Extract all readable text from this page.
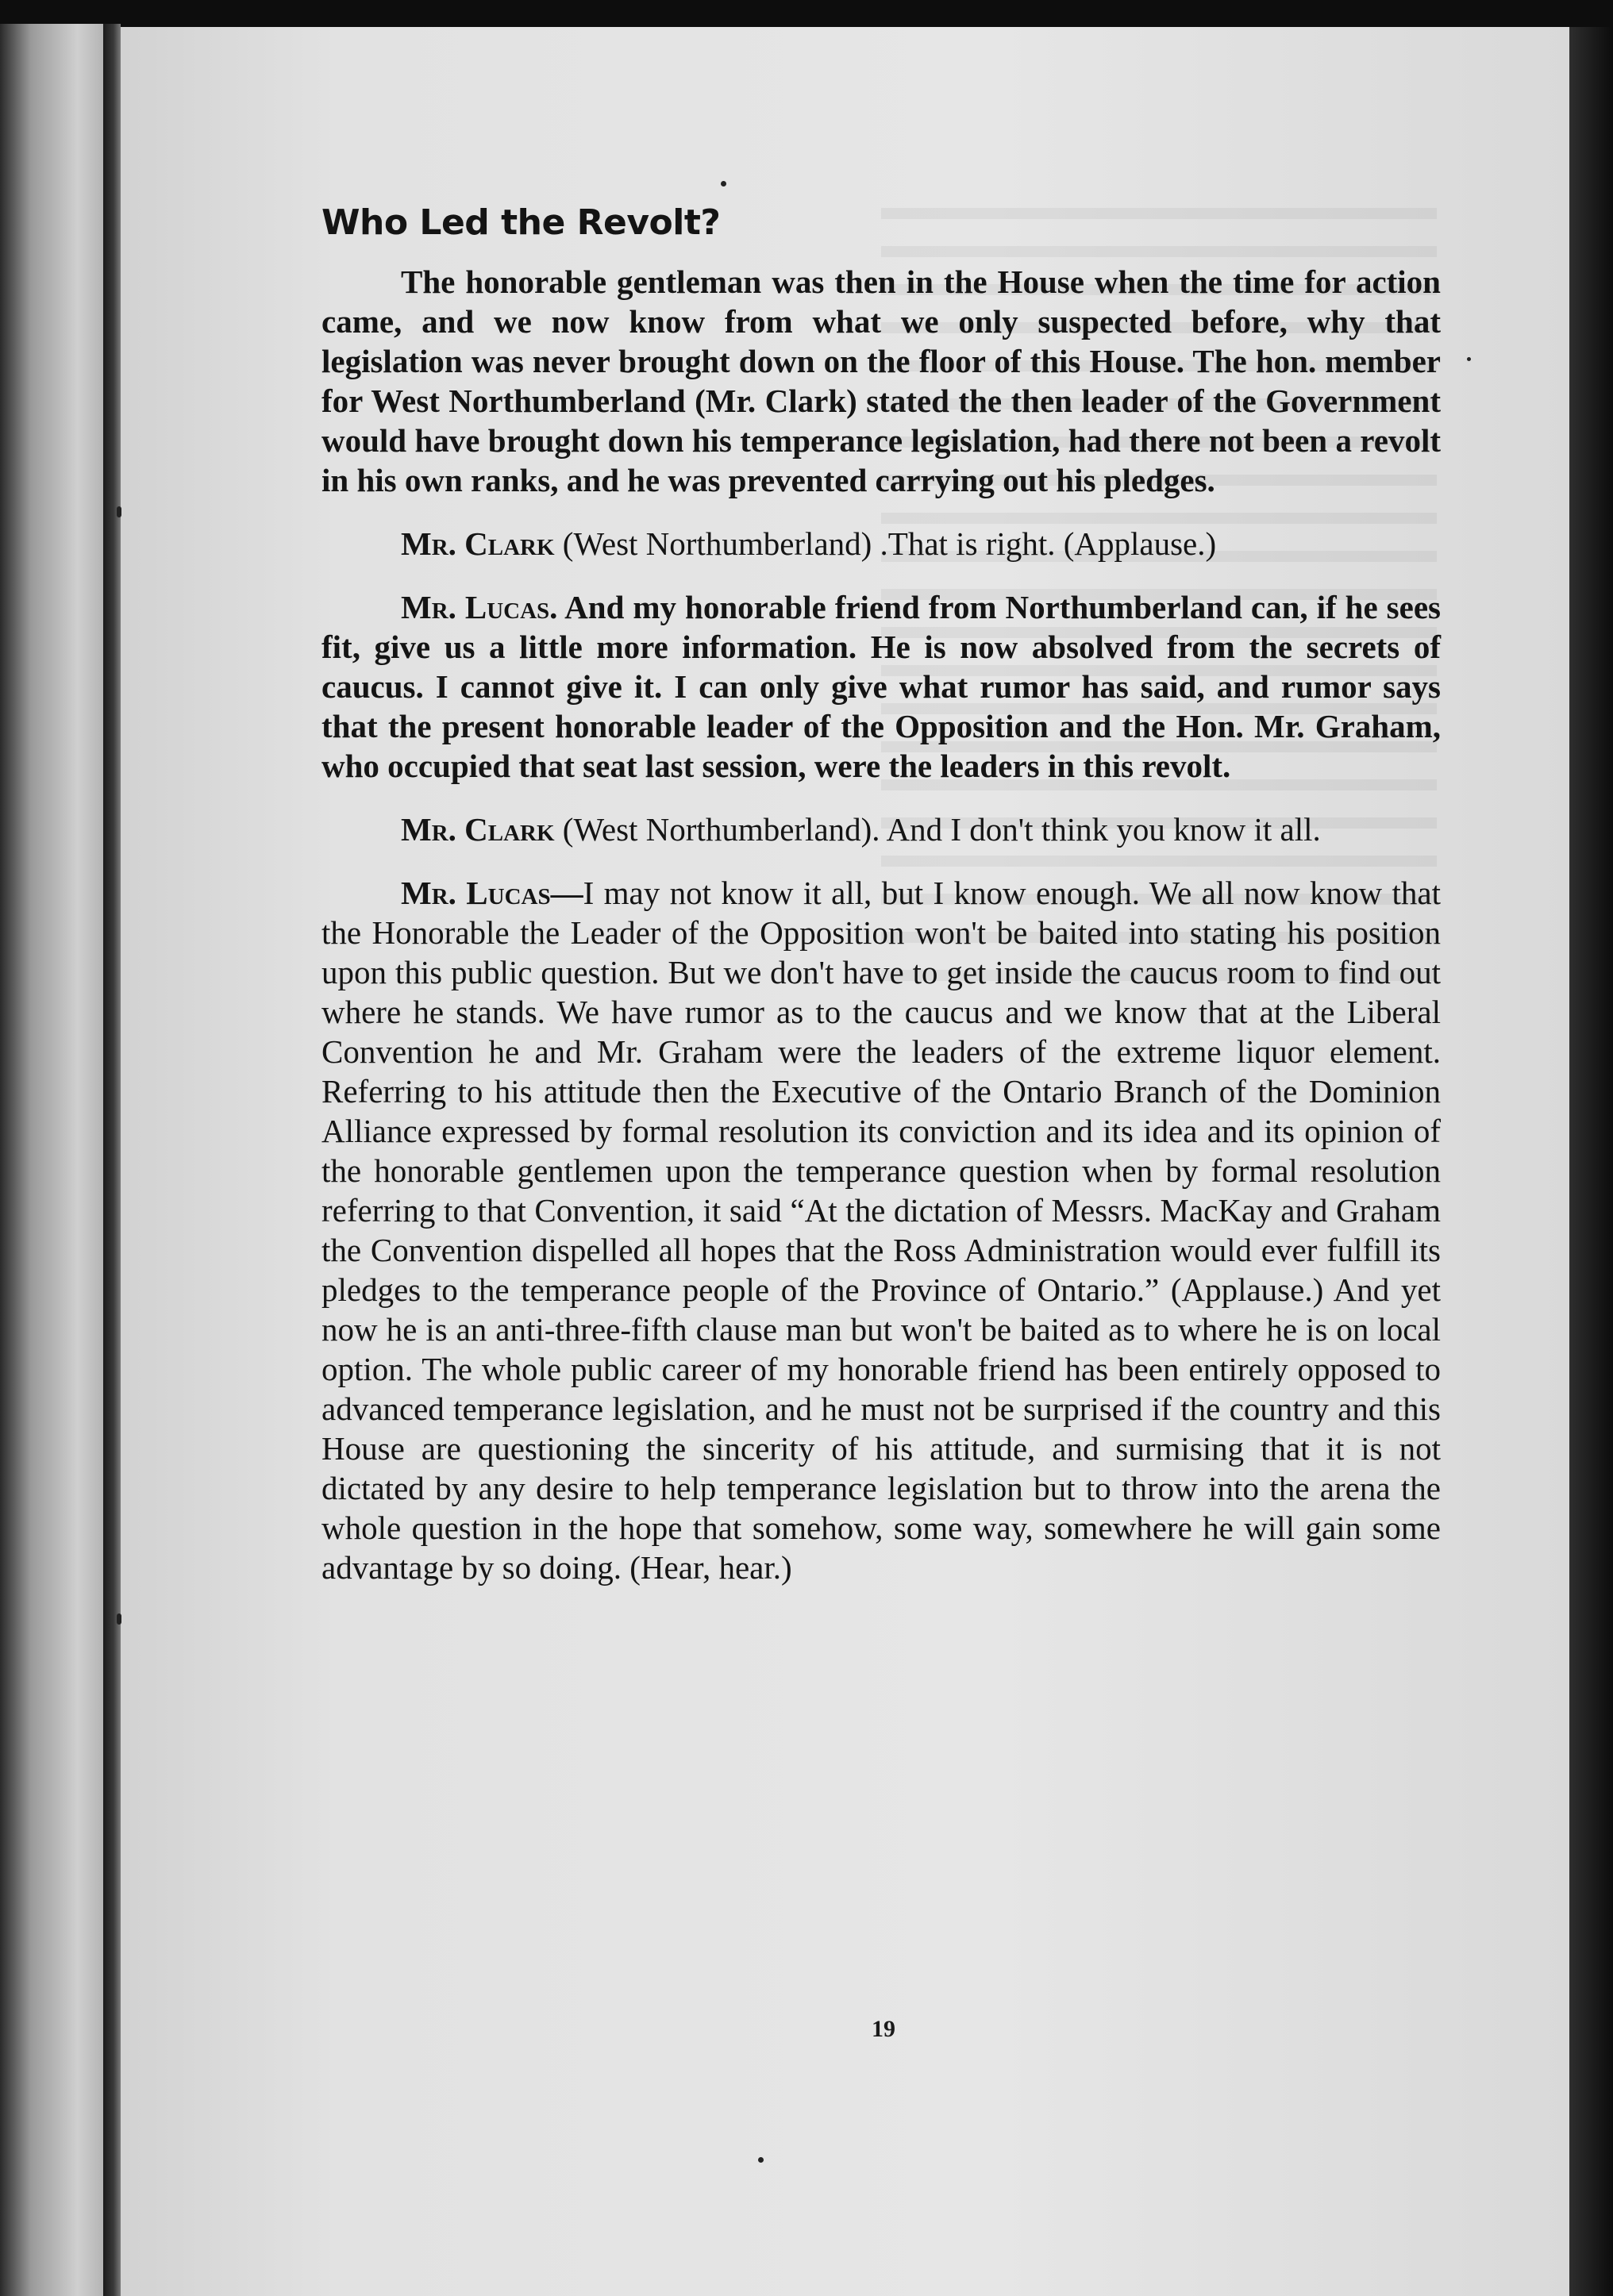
Who Led the Revolt?

The honorable gentleman was then in the House when the time for action came, and we now know from what we only suspected before, why that legislation was never brought down on the floor of this House. The hon. member for West Northumberland (Mr. Clark) stated the then leader of the Government would have brought down his temperance legislation, had there not been a revolt in his own ranks, and he was prevented carrying out his pledges.

Mr. Clark (West Northumberland) .That is right. (Applause.)

Mr. Lucas. And my honorable friend from Northumberland can, if he sees fit, give us a little more information. He is now absolved from the secrets of caucus. I cannot give it. I can only give what rumor has said, and rumor says that the present honorable leader of the Opposition and the Hon. Mr. Graham, who occupied that seat last session, were the leaders in this revolt.

Mr. Clark (West Northumberland). And I don't think you know it all.

Mr. Lucas—I may not know it all, but I know enough. We all now know that the Honorable the Leader of the Opposition won't be baited into stating his position upon this public question. But we don't have to get inside the caucus room to find out where he stands. We have rumor as to the caucus and we know that at the Liberal Convention he and Mr. Graham were the leaders of the extreme liquor element. Referring to his attitude then the Executive of the Ontario Branch of the Dominion Alliance expressed by formal resolution its conviction and its idea and its opinion of the honorable gentlemen upon the temperance question when by formal resolution referring to that Convention, it said “At the dictation of Messrs. MacKay and Graham the Convention dispelled all hopes that the Ross Administration would ever fulfill its pledges to the temperance people of the Province of Ontario.” (Applause.) And yet now he is an anti-three-fifth clause man but won't be baited as to where he is on local option. The whole public career of my honorable friend has been entirely opposed to advanced temperance legislation, and he must not be surprised if the country and this House are questioning the sincerity of his attitude, and surmising that it is not dictated by any desire to help temperance legislation but to throw into the arena the whole question in the hope that somehow, some way, somewhere he will gain some advantage by so doing. (Hear, hear.)

19
